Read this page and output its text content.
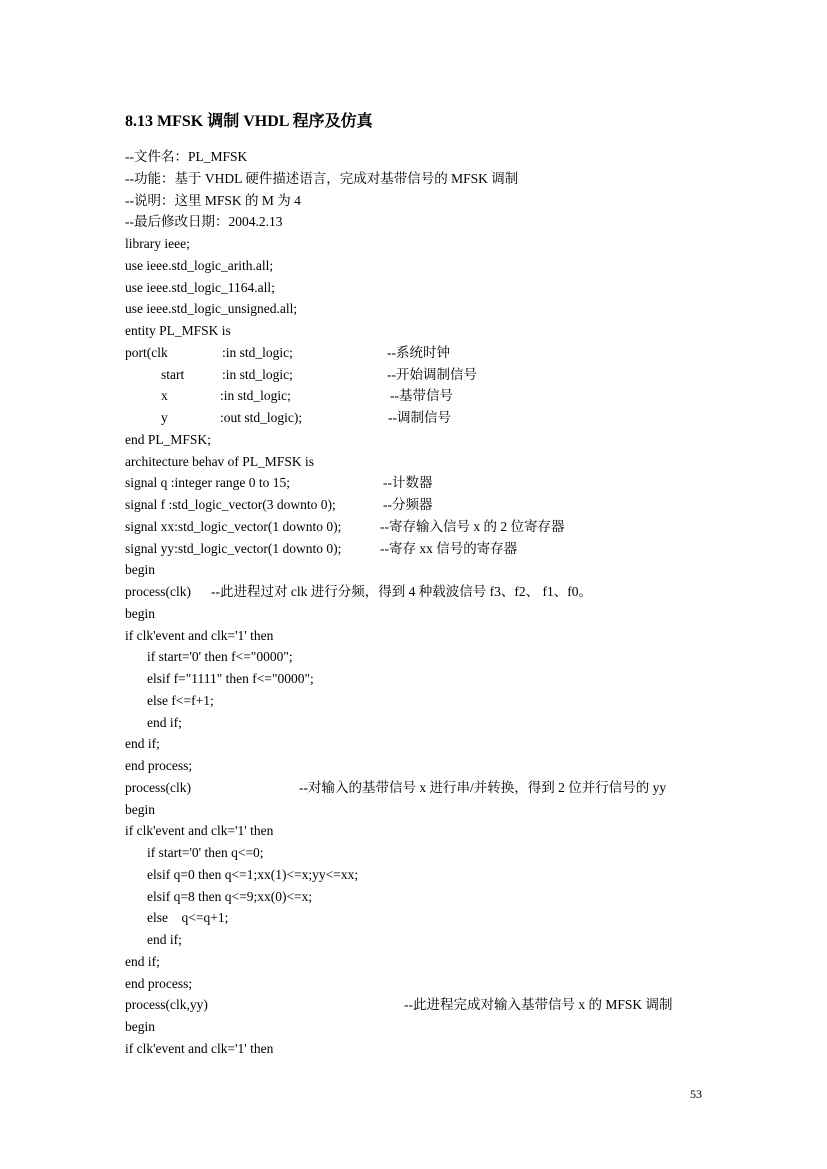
8.13 MFSK 调制 VHDL 程序及仿真
--文件名：PL_MFSK
--功能：基于 VHDL 硬件描述语言，完成对基带信号的 MFSK 调制
--说明：这里 MFSK 的 M 为 4
--最后修改日期：2004.2.13
library ieee;
use ieee.std_logic_arith.all;
use ieee.std_logic_1164.all;
use ieee.std_logic_unsigned.all;
entity PL_MFSK is
port(clk	:in std_logic;	--系统时钟
start	:in std_logic;	--开始调制信号
x	:in std_logic;	--基带信号
y	:out std_logic);	--调制信号
end PL_MFSK;
architecture behav of PL_MFSK is
signal q :integer range 0 to 15;	--计数器
signal f :std_logic_vector(3 downto 0);	--分频器
signal xx:std_logic_vector(1 downto 0);	--寄存输入信号 x 的 2 位寄存器
signal yy:std_logic_vector(1 downto 0);	--寄存 xx 信号的寄存器
begin
process(clk) --此进程过对 clk 进行分频，得到 4 种载波信号 f3、f2、 f1、f0。
begin
if clk'event and clk='1' then
if start='0' then f<="0000";
elsif f="1111" then f<="0000";
else f<=f+1;
end if;
end if;
end process;
process(clk)	--对输入的基带信号 x 进行串/并转换，得到 2 位并行信号的 yy
begin
if clk'event and clk='1' then
if start='0' then q<=0;
elsif q=0 then q<=1;xx(1)<=x;yy<=xx;
elsif q=8 then q<=9;xx(0)<=x;
else    q<=q+1;
end if;
end if;
end process;
process(clk,yy)	--此进程完成对输入基带信号 x 的 MFSK 调制
begin
if clk'event and clk='1' then
53
